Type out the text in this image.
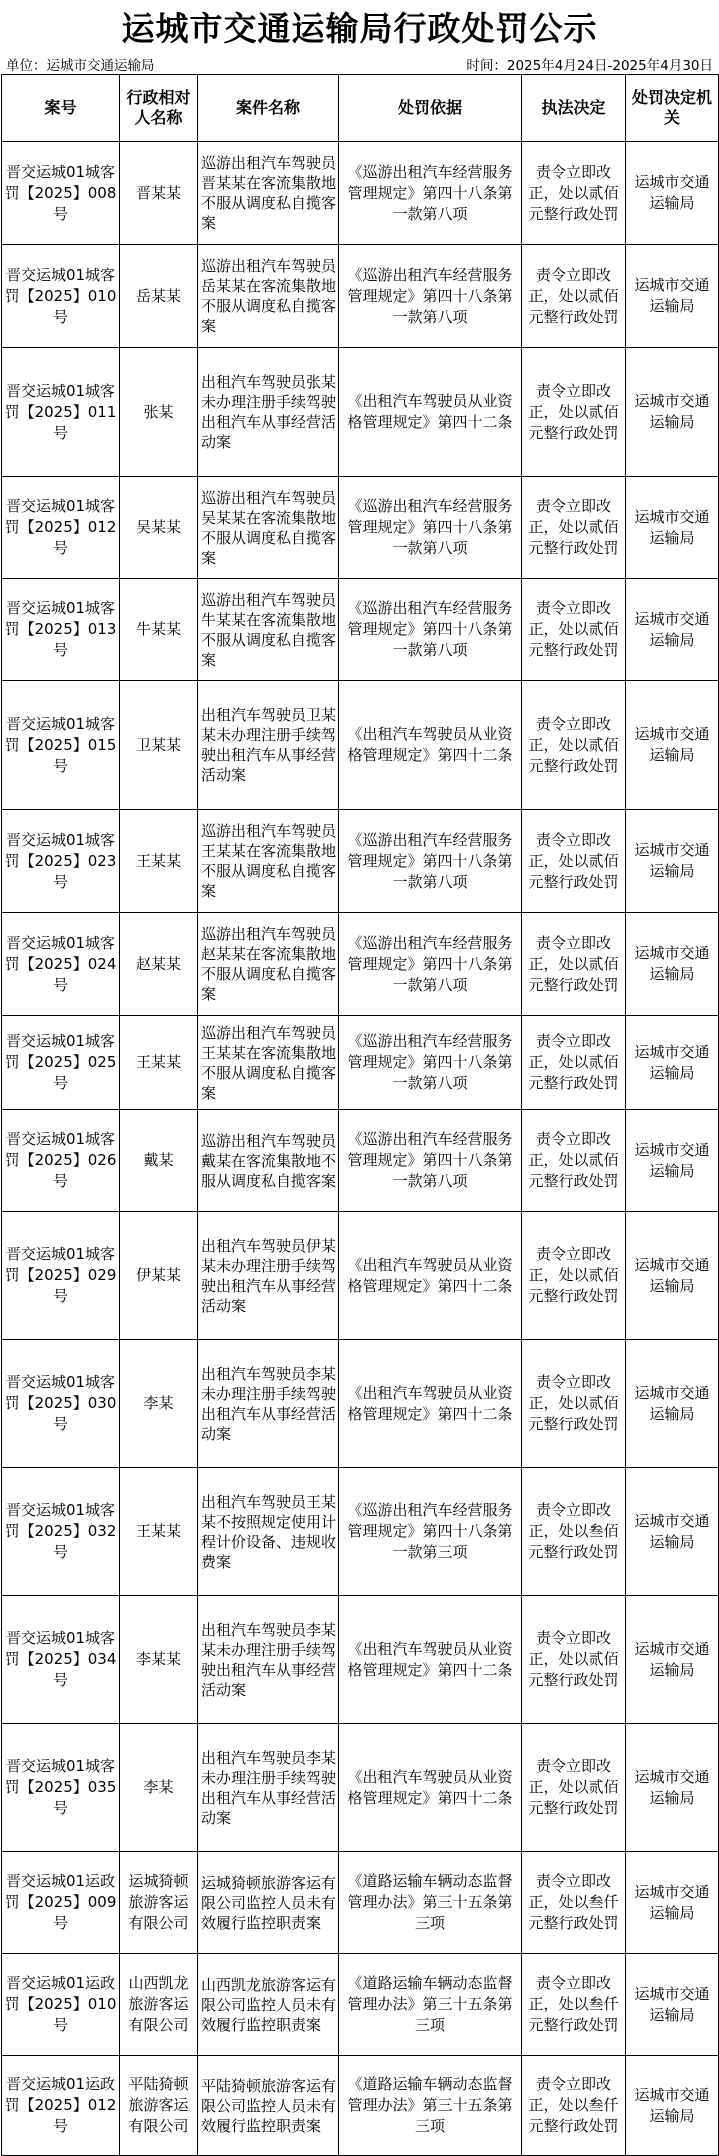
运城市交通运输局行政处罚公示
单位：运城市交通运输局	时间：2025年4月24日-2025年4月30日
案号	行政相对人名称	案件名称	处罚依据	执法决定	处罚决定机关
晋交运城01城客罚【2025】008号	晋某某	巡游出租汽车驾驶员晋某某在客流集散地不服从调度私自揽客案	《巡游出租汽车经营服务管理规定》第四十八条第一款第八项	责令立即改正，处以贰佰元整行政处罚	运城市交通运输局
晋交运城01城客罚【2025】010号	岳某某	巡游出租汽车驾驶员岳某某在客流集散地不服从调度私自揽客案	《巡游出租汽车经营服务管理规定》第四十八条第一款第八项	责令立即改正，处以贰佰元整行政处罚	运城市交通运输局
晋交运城01城客罚【2025】011号	张某	出租汽车驾驶员张某未办理注册手续驾驶出租汽车从事经营活动案	《出租汽车驾驶员从业资格管理规定》第四十二条	责令立即改正，处以贰佰元整行政处罚	运城市交通运输局
晋交运城01城客罚【2025】012号	吴某某	巡游出租汽车驾驶员吴某某在客流集散地不服从调度私自揽客案	《巡游出租汽车经营服务管理规定》第四十八条第一款第八项	责令立即改正，处以贰佰元整行政处罚	运城市交通运输局
晋交运城01城客罚【2025】013号	牛某某	巡游出租汽车驾驶员牛某某在客流集散地不服从调度私自揽客案	《巡游出租汽车经营服务管理规定》第四十八条第一款第八项	责令立即改正，处以贰佰元整行政处罚	运城市交通运输局
晋交运城01城客罚【2025】015号	卫某某	出租汽车驾驶员卫某某未办理注册手续驾驶出租汽车从事经营活动案	《出租汽车驾驶员从业资格管理规定》第四十二条	责令立即改正，处以贰佰元整行政处罚	运城市交通运输局
晋交运城01城客罚【2025】023号	王某某	巡游出租汽车驾驶员王某某在客流集散地不服从调度私自揽客案	《巡游出租汽车经营服务管理规定》第四十八条第一款第八项	责令立即改正，处以贰佰元整行政处罚	运城市交通运输局
晋交运城01城客罚【2025】024号	赵某某	巡游出租汽车驾驶员赵某某在客流集散地不服从调度私自揽客案	《巡游出租汽车经营服务管理规定》第四十八条第一款第八项	责令立即改正，处以贰佰元整行政处罚	运城市交通运输局
晋交运城01城客罚【2025】025号	王某某	巡游出租汽车驾驶员王某某在客流集散地不服从调度私自揽客案	《巡游出租汽车经营服务管理规定》第四十八条第一款第八项	责令立即改正，处以贰佰元整行政处罚	运城市交通运输局
晋交运城01城客罚【2025】026号	戴某	巡游出租汽车驾驶员戴某在客流集散地不服从调度私自揽客案	《巡游出租汽车经营服务管理规定》第四十八条第一款第八项	责令立即改正，处以贰佰元整行政处罚	运城市交通运输局
晋交运城01城客罚【2025】029号	伊某某	出租汽车驾驶员伊某某未办理注册手续驾驶出租汽车从事经营活动案	《出租汽车驾驶员从业资格管理规定》第四十二条	责令立即改正，处以贰佰元整行政处罚	运城市交通运输局
晋交运城01城客罚【2025】030号	李某	出租汽车驾驶员李某未办理注册手续驾驶出租汽车从事经营活动案	《出租汽车驾驶员从业资格管理规定》第四十二条	责令立即改正，处以贰佰元整行政处罚	运城市交通运输局
晋交运城01城客罚【2025】032号	王某某	出租汽车驾驶员王某某不按照规定使用计程计价设备、违规收费案	《巡游出租汽车经营服务管理规定》第四十八条第一款第三项	责令立即改正，处以叁佰元整行政处罚	运城市交通运输局
晋交运城01城客罚【2025】034号	李某某	出租汽车驾驶员李某某未办理注册手续驾驶出租汽车从事经营活动案	《出租汽车驾驶员从业资格管理规定》第四十二条	责令立即改正，处以贰佰元整行政处罚	运城市交通运输局
晋交运城01城客罚【2025】035号	李某	出租汽车驾驶员李某未办理注册手续驾驶出租汽车从事经营活动案	《出租汽车驾驶员从业资格管理规定》第四十二条	责令立即改正，处以贰佰元整行政处罚	运城市交通运输局
晋交运城01运政罚【2025】009号	运城猗顿旅游客运有限公司	运城猗顿旅游客运有限公司监控人员未有效履行监控职责案	《道路运输车辆动态监督管理办法》第三十五条第三项	责令立即改正，处以叁仟元整行政处罚	运城市交通运输局
晋交运城01运政罚【2025】010号	山西凯龙旅游客运有限公司	山西凯龙旅游客运有限公司监控人员未有效履行监控职责案	《道路运输车辆动态监督管理办法》第三十五条第三项	责令立即改正，处以叁仟元整行政处罚	运城市交通运输局
晋交运城01运政罚【2025】012号	平陆猗顿旅游客运有限公司	平陆猗顿旅游客运有限公司监控人员未有效履行监控职责案	《道路运输车辆动态监督管理办法》第三十五条第三项	责令立即改正，处以叁仟元整行政处罚	运城市交通运输局
